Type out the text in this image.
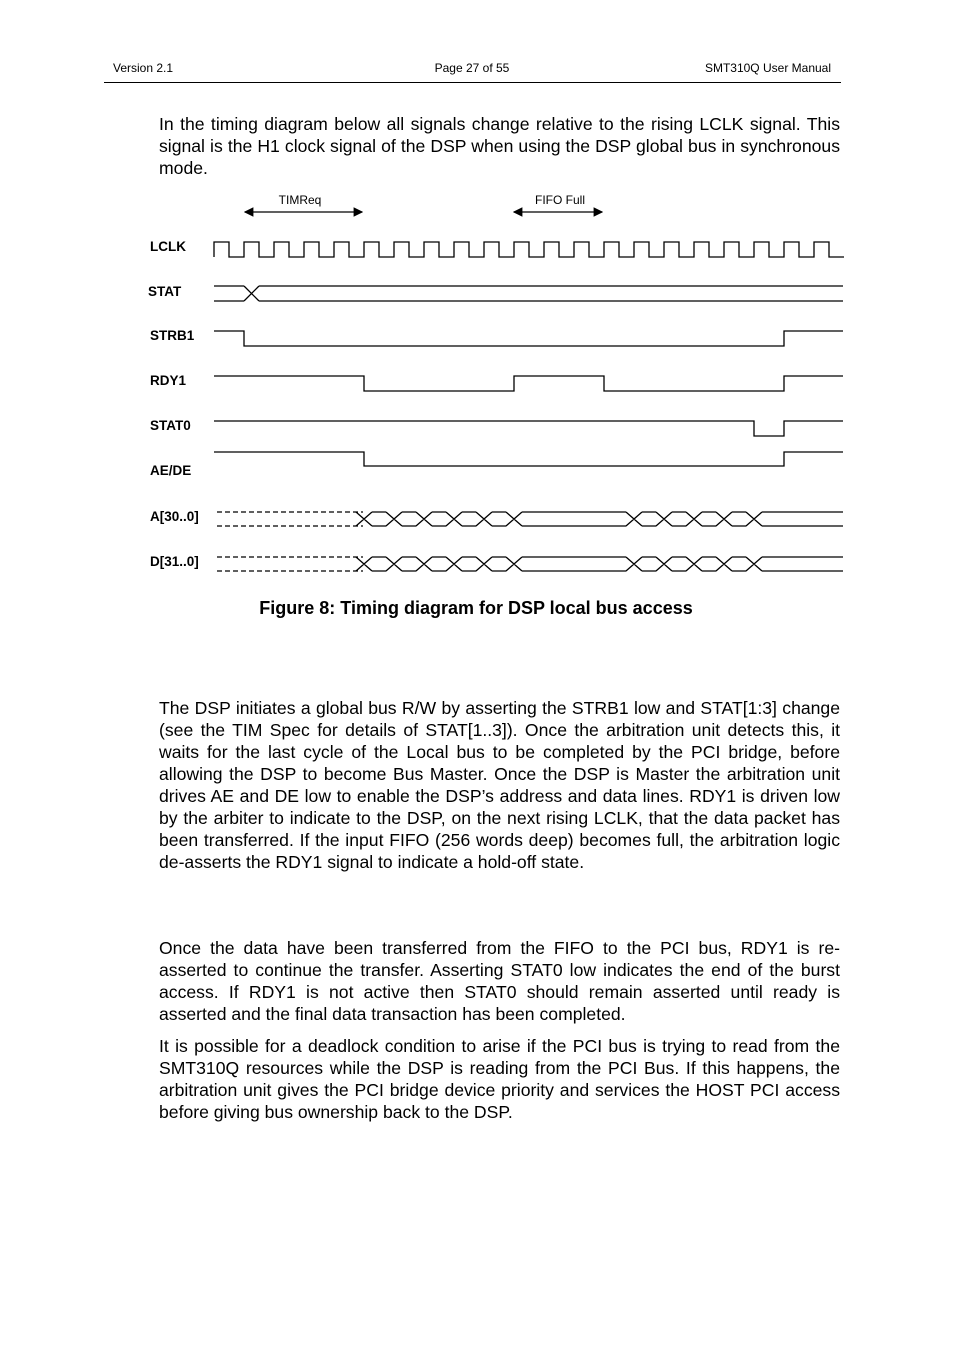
Version 2.1	Page 27 of 55	SMT310Q User Manual

In the timing diagram below all signals change relative to the rising LCLK signal. This signal is the H1 clock signal of the DSP when using the DSP global bus in synchronous mode.

TIMReq	FIFO Full
LCLK
STAT
STRB1
RDY1
STAT0
AE/DE
A[30..0]
D[31..0]
Figure 8: Timing diagram for DSP local bus access

The DSP initiates a global bus R/W by asserting the STRB1 low and STAT[1:3] change (see the TIM Spec for details of STAT[1..3]). Once the arbitration unit detects this, it waits for the last cycle of the Local bus to be completed by the PCI bridge, before allowing the DSP to become Bus Master. Once the DSP is Master the arbitration unit drives AE and DE low to enable the DSP’s address and data lines. RDY1 is driven low by the arbiter to indicate to the DSP, on the next rising LCLK, that the data packet has been transferred. If the input FIFO (256 words deep) becomes full, the arbitration logic de-asserts the RDY1 signal to indicate a hold-off state.

Once the data have been transferred from the FIFO to the PCI bus, RDY1 is re-asserted to continue the transfer. Asserting STAT0 low indicates the end of the burst access. If RDY1 is not active then STAT0 should remain asserted until ready is asserted and the final data transaction has been completed.

It is possible for a deadlock condition to arise if the PCI bus is trying to read from the SMT310Q resources while the DSP is reading from the PCI Bus. If this happens, the arbitration unit gives the PCI bridge device priority and services the HOST PCI access before giving bus ownership back to the DSP.
